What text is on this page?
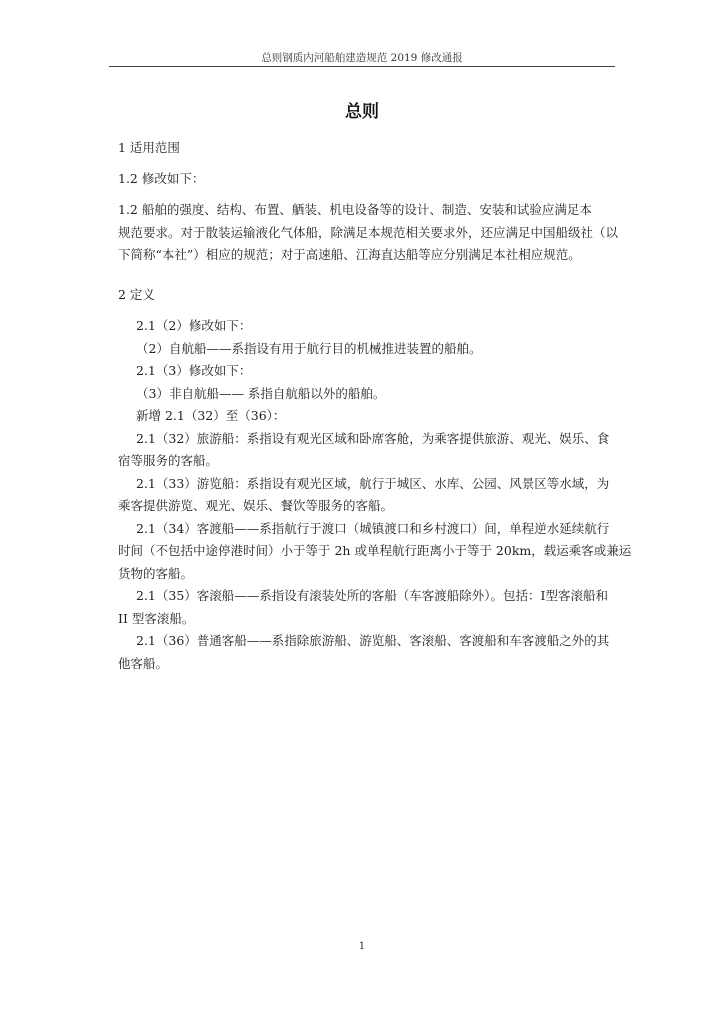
总则钢质内河船舶建造规范 2019 修改通报
总则
1 适用范围
1.2 修改如下：
1.2 船舶的强度、结构、布置、舾装、机电设备等的设计、制造、安装和试验应满足本
规范要求。对于散装运输液化气体船，除满足本规范相关要求外，还应满足中国船级社（以
下简称“本社”）相应的规范；对于高速船、江海直达船等应分别满足本社相应规范。
2 定义
2.1（2）修改如下：
（2）自航船——系指设有用于航行目的机械推进装置的船舶。
2.1（3）修改如下：
（3）非自航船—— 系指自航船以外的船舶。
新增 2.1（32）至（36）：
2.1（32）旅游船：系指设有观光区域和卧席客舱，为乘客提供旅游、观光、娱乐、食
宿等服务的客船。
2.1（33）游览船：系指设有观光区域，航行于城区、水库、公园、风景区等水域，为
乘客提供游览、观光、娱乐、餐饮等服务的客船。
2.1（34）客渡船——系指航行于渡口（城镇渡口和乡村渡口）间，单程逆水延续航行
时间（不包括中途停港时间）小于等于 2h 或单程航行距离小于等于 20km，载运乘客或兼运
货物的客船。
2.1（35）客滚船——系指设有滚装处所的客船（车客渡船除外）。包括：Ⅰ型客滚船和
II 型客滚船。
2.1（36）普通客船——系指除旅游船、游览船、客滚船、客渡船和车客渡船之外的其
他客船。
1
